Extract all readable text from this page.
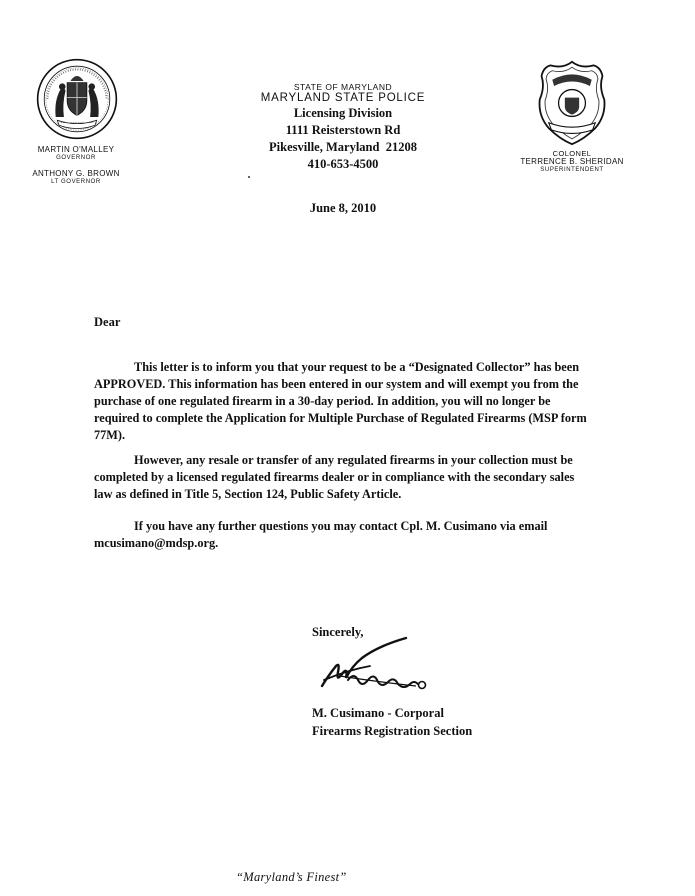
MARTIN O'MALLEY
GOVERNOR
ANTHONY G. BROWN
LT GOVERNOR
STATE OF MARYLAND
MARYLAND STATE POLICE
Licensing Division
1111 Reisterstown Rd
Pikesville, Maryland  21208
410-653-4500
COLONEL
TERRENCE B. SHERIDAN
SUPERINTENDENT
June 8, 2010
Dear

This letter is to inform you that your request to be a “Designated Collector” has been APPROVED. This information has been entered in our system and will exempt you from the purchase of one regulated firearm in a 30-day period. In addition, you will no longer be required to complete the Application for Multiple Purchase of Regulated Firearms (MSP form 77M).

However, any resale or transfer of any regulated firearms in your collection must be completed by a licensed regulated firearms dealer or in compliance with the secondary sales law as defined in Title 5, Section 124, Public Safety Article.

If you have any further questions you may contact Cpl. M. Cusimano via email mcusimano@mdsp.org.

Sincerely,
M. Cusimano - Corporal
Firearms Registration Section
“Maryland’s Finest”
